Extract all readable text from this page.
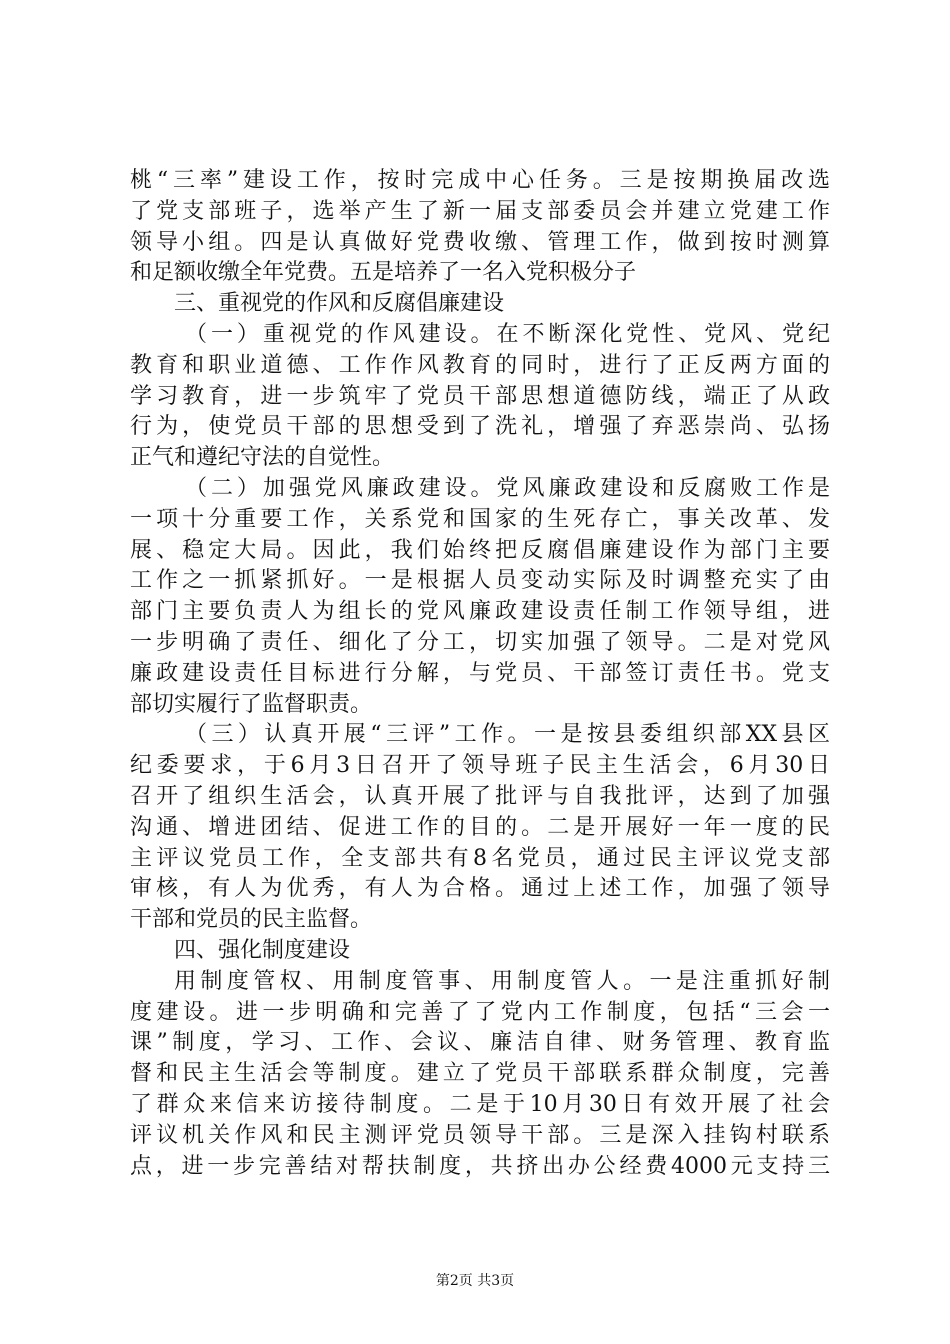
桃“三率”建设工作，按时完成中心任务。三是按期换届改选
了党支部班子，选举产生了新一届支部委员会并建立党建工作
领导小组。四是认真做好党费收缴、管理工作，做到按时测算
和足额收缴全年党费。五是培养了一名入党积极分子
三、重视党的作风和反腐倡廉建设
（一）重视党的作风建设。在不断深化党性、党风、党纪
教育和职业道德、工作作风教育的同时，进行了正反两方面的
学习教育，进一步筑牢了党员干部思想道德防线，端正了从政
行为，使党员干部的思想受到了洗礼，增强了弃恶崇尚、弘扬
正气和遵纪守法的自觉性。
（二）加强党风廉政建设。党风廉政建设和反腐败工作是
一项十分重要工作，关系党和国家的生死存亡，事关改革、发
展、稳定大局。因此，我们始终把反腐倡廉建设作为部门主要
工作之一抓紧抓好。一是根据人员变动实际及时调整充实了由
部门主要负责人为组长的党风廉政建设责任制工作领导组，进
一步明确了责任、细化了分工，切实加强了领导。二是对党风
廉政建设责任目标进行分解，与党员、干部签订责任书。党支
部切实履行了监督职责。
（三）认真开展“三评”工作。一是按县委组织部XX县区
纪委要求，于6月3日召开了领导班子民主生活会，6月30日
召开了组织生活会，认真开展了批评与自我批评，达到了加强
沟通、增进团结、促进工作的目的。二是开展好一年一度的民
主评议党员工作，全支部共有8名党员，通过民主评议党支部
审核，有人为优秀，有人为合格。通过上述工作，加强了领导
干部和党员的民主监督。
四、强化制度建设
用制度管权、用制度管事、用制度管人。一是注重抓好制
度建设。进一步明确和完善了了党内工作制度，包括“三会一
课”制度，学习、工作、会议、廉洁自律、财务管理、教育监
督和民主生活会等制度。建立了党员干部联系群众制度，完善
了群众来信来访接待制度。二是于10月30日有效开展了社会
评议机关作风和民主测评党员领导干部。三是深入挂钩村联系
点，进一步完善结对帮扶制度，共挤出办公经费4000元支持三
第2页 共3页
